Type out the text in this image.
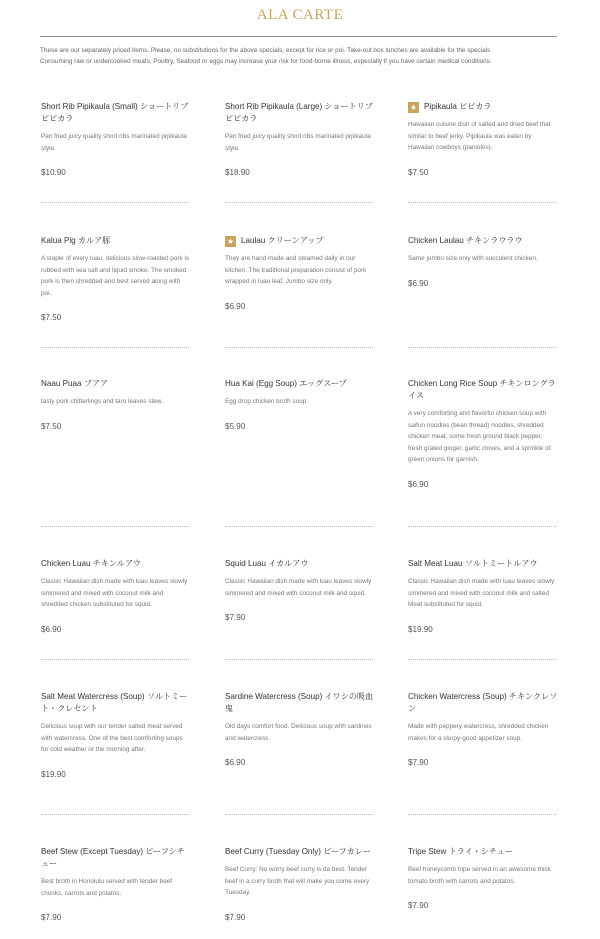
ALA CARTE
These are our separately priced items. Please, no substitutions for the above specials, except for rice or poi. Take-out box lunches are available for the specials
Consuming raw or undercooked meats, Poultry, Seafood or eggs may increase your risk for food-borne illness, especially if you have certain medical conditions.
Short Rib Pipikaula (Small) ショートリブピピカラ
Pan fried juicy quality short ribs marinated pipikaula style.
$10.90
Short Rib Pipikaula (Large) ショートリブピピカラ
Pan fried juicy quality short ribs marinated pipikaula style.
$18.90
★ Pipikaula ピピカラ
Hawaiian cuisine dish of salted and dried beef that similar to beef jerky. Pipikaula was eaten by Hawaiian cowboys (paniolos).
$7.50
Kalua Pig カルア豚
A staple of every luau, delicious slow-roasted pork is rubbed with sea salt and liquid smoke. The smoked pork is then shredded and best served along with poi.
$7.50
★ Laulau クリーンアップ
They are hand made and steamed daily in our kitchen. The traditional preparation consist of pork wrapped in luau leaf. Jumbo size only.
$6.90
Chicken Laulau チキンラウラウ
Same jumbo size only with succulent chicken.
$6.90
Naau Puaa ブアア
tasty pork chitterlings and taro leaves stew.
$7.50
Hua Kai (Egg Soup) エッグスープ
Egg drop chicken broth soup.
$5.90
Chicken Long Rice Soup チキンロングライス
A very comforting and flavorful chicken soup with saifun noodles (bean thread) noodles, shredded chicken meat, some fresh ground black pepper, fresh grated ginger, garlic cloves, and a sprinkle of green onions for garnish.
$6.90
Chicken Luau チキンルアウ
Classic Hawaiian dish made with luau leaves slowly simmered and mixed with coconut milk and shredded chicken substituted for squid.
$6.90
Squid Luau イカルアウ
Classic Hawaiian dish made with luau leaves slowly simmered and mixed with coconut milk and squid.
$7.90
Salt Meat Luau ソルトミートルアウ
Classic Hawaiian dish made with luau leaves slowly simmered and mixed with coconut milk and salted Meat substituted for squid.
$19.90
Salt Meat Watercress (Soup) ソルトミート・クレセント
Delicious soup with our tender salted meat served with watercress. One of the best comforting soups for cold weather or the morning after.
$19.90
Sardine Watercress (Soup) イワシの吸血鬼
Old days comfort food. Delicious soup with sardines and watercress.
$6.90
Chicken Watercress (Soup) チキンクレソン
Made with peppery watercress, shredded chicken makes for a slurpy-good appetizer soup.
$7.90
Beef Stew (Except Tuesday) ビーフシチュー
Best broth in Honolulu served with tender beef chunks, carrots and potatos.
$7.90
Beef Curry (Tuesday Only) ビーフカレー
Beef Curry: No worry beef curry is da best. Tender beef in a curry broth that will make you come every Tuesday.
$7.90
Tripe Stew トライ・シチュー
Beef honeycomb tripe served in an awesome thick tomato broth with carrots and potatos.
$7.90
